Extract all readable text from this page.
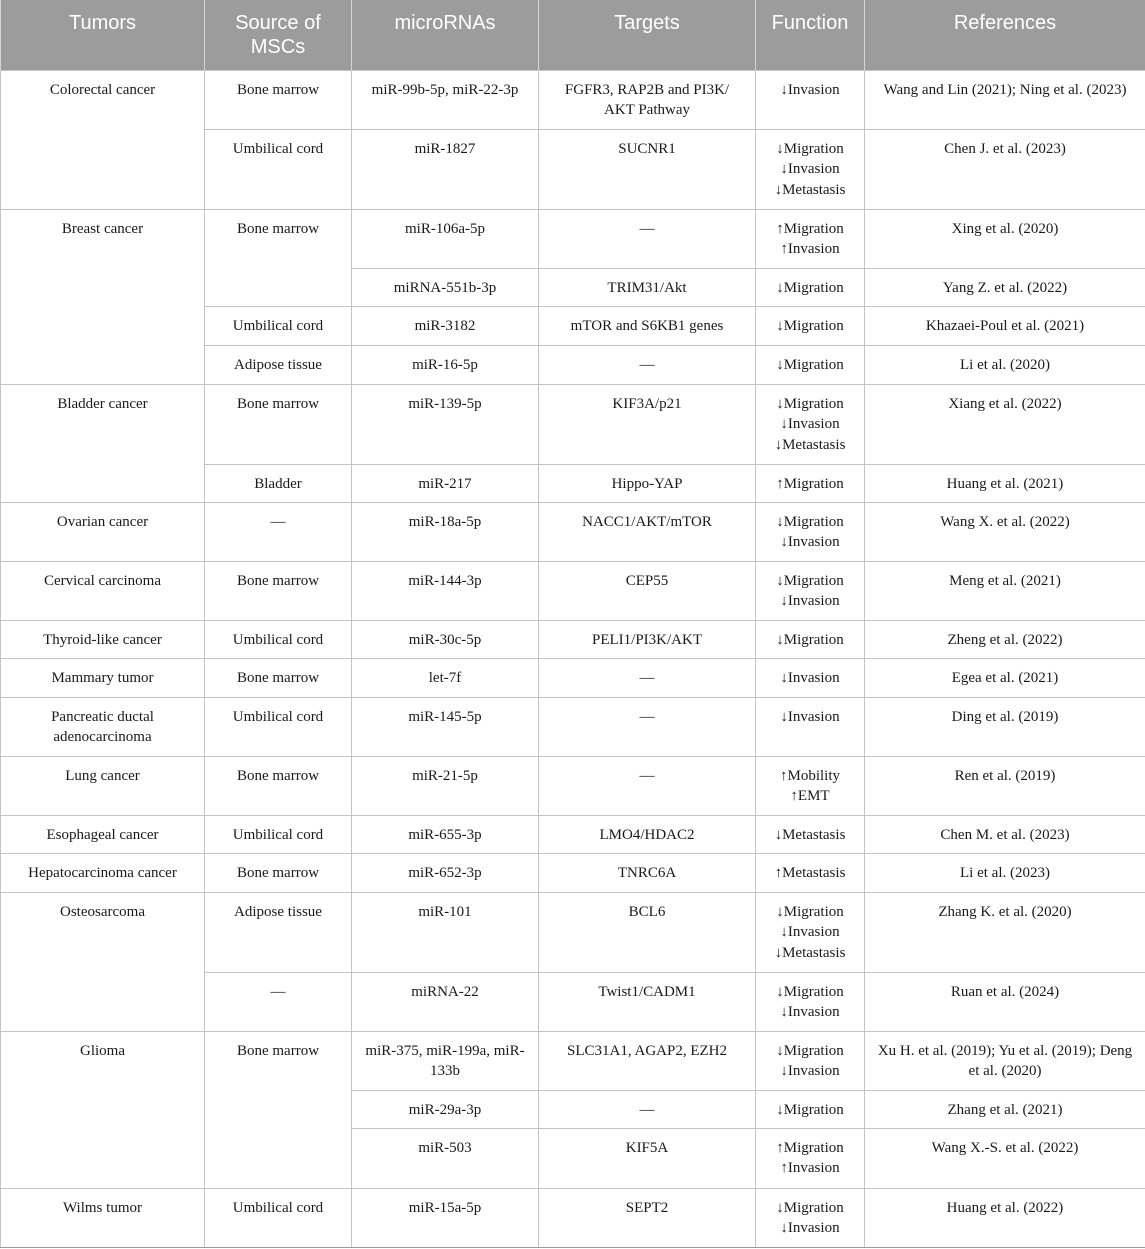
Tumors	Source of
MSCs	microRNAs	Targets	Function	References
Colorectal cancer	Bone marrow	miR-99b-5p, miR-22-3p	FGFR3, RAP2B and PI3K/
AKT Pathway	↓Invasion	Wang and Lin (2021); Ning et al. (2023)
	Umbilical cord	miR-1827	SUCNR1	↓Migration
↓Invasion
↓Metastasis	Chen J. et al. (2023)
Breast cancer	Bone marrow	miR-106a-5p	—	↑Migration
↑Invasion	Xing et al. (2020)
		miRNA-551b-3p	TRIM31/Akt	↓Migration	Yang Z. et al. (2022)
	Umbilical cord	miR-3182	mTOR and S6KB1 genes	↓Migration	Khazaei-Poul et al. (2021)
	Adipose tissue	miR-16-5p	—	↓Migration	Li et al. (2020)
Bladder cancer	Bone marrow	miR-139-5p	KIF3A/p21	↓Migration
↓Invasion
↓Metastasis	Xiang et al. (2022)
	Bladder	miR-217	Hippo-YAP	↑Migration	Huang et al. (2021)
Ovarian cancer	—	miR-18a-5p	NACC1/AKT/mTOR	↓Migration
↓Invasion	Wang X. et al. (2022)
Cervical carcinoma	Bone marrow	miR-144-3p	CEP55	↓Migration
↓Invasion	Meng et al. (2021)
Thyroid-like cancer	Umbilical cord	miR-30c-5p	PELI1/PI3K/AKT	↓Migration	Zheng et al. (2022)
Mammary tumor	Bone marrow	let-7f	—	↓Invasion	Egea et al. (2021)
Pancreatic ductal
adenocarcinoma	Umbilical cord	miR-145-5p	—	↓Invasion	Ding et al. (2019)
Lung cancer	Bone marrow	miR-21-5p	—	↑Mobility
↑EMT	Ren et al. (2019)
Esophageal cancer	Umbilical cord	miR-655-3p	LMO4/HDAC2	↓Metastasis	Chen M. et al. (2023)
Hepatocarcinoma cancer	Bone marrow	miR-652-3p	TNRC6A	↑Metastasis	Li et al. (2023)
Osteosarcoma	Adipose tissue	miR-101	BCL6	↓Migration
↓Invasion
↓Metastasis	Zhang K. et al. (2020)
	—	miRNA-22	Twist1/CADM1	↓Migration
↓Invasion	Ruan et al. (2024)
Glioma	Bone marrow	miR-375, miR-199a, miR-
133b	SLC31A1, AGAP2, EZH2	↓Migration
↓Invasion	Xu H. et al. (2019); Yu et al. (2019); Deng
et al. (2020)
		miR-29a-3p	—	↓Migration	Zhang et al. (2021)
		miR-503	KIF5A	↑Migration
↑Invasion	Wang X.-S. et al. (2022)
Wilms tumor	Umbilical cord	miR-15a-5p	SEPT2	↓Migration
↓Invasion	Huang et al. (2022)
